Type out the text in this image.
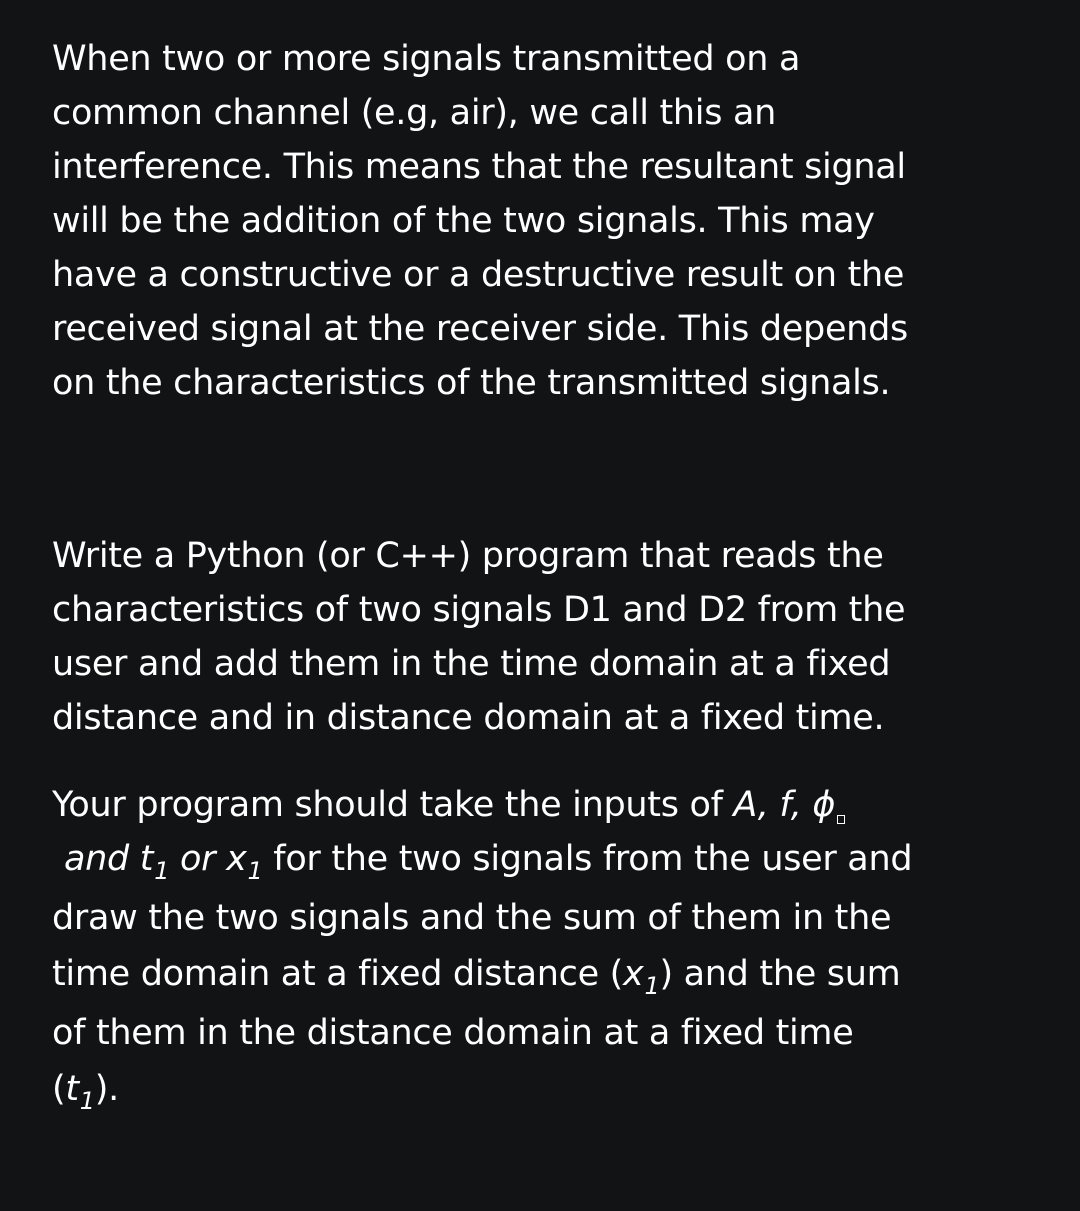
When two or more signals transmitted on a
common channel (e.g, air), we call this an
interference. This means that the resultant signal
will be the addition of the two signals. This may
have a constructive or a destructive result on the
received signal at the receiver side. This depends
on the characteristics of the transmitted signals.

Write a Python (or C++) program that reads the
characteristics of two signals D1 and D2 from the
user and add them in the time domain at a fixed
distance and in distance domain at a fixed time.

Your program should take the inputs of A, f, ϕ
and $t_1$ or $x_1$ for the two signals from the user and
draw the two signals and the sum of them in the
time domain at a fixed distance $(x_1)$ and the sum
of them in the distance domain at a fixed time
$(t_1)$.
